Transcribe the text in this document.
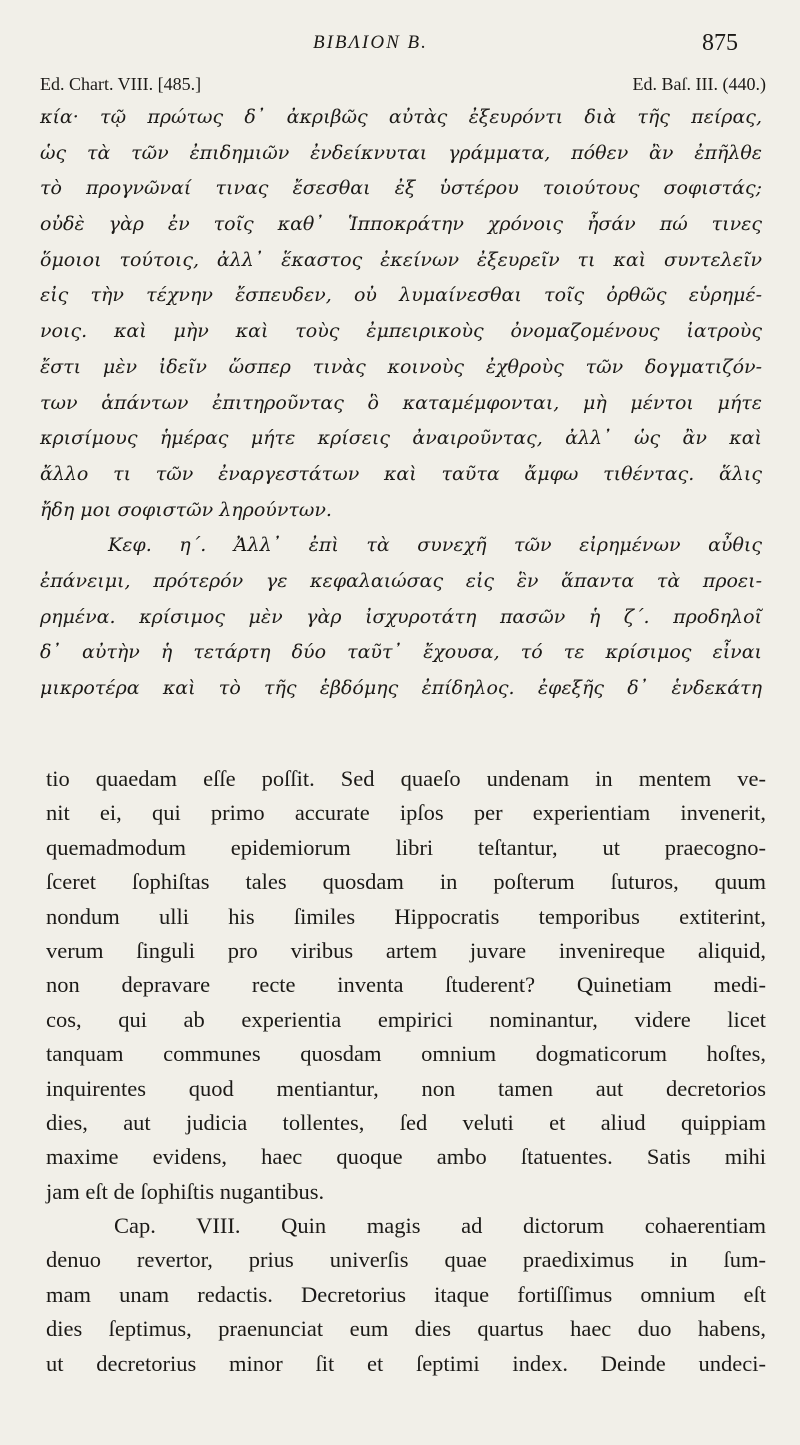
ΒΙΒΛΙΟΝ Β.	875
Ed. Chart. VIII. [485.]	Ed. Baſ. III. (440.)
κία· τῷ πρώτως δ᾽ ἀκριβῶς αὐτὰς ἐξευρόντι διὰ τῆς πείρας,
ὡς τὰ τῶν ἐπιδημιῶν ἐνδείκνυται γράμματα, πόθεν ἂν ἐπῆλθε
τὸ προγνῶναί τινας ἔσεσθαι ἐξ ὑστέρου τοιούτους σοφιστάς;
οὐδὲ γὰρ ἐν τοῖς καθ᾽ Ἱπποκράτην χρόνοις ἦσάν πώ τινες
ὅμοιοι τούτοις, ἀλλ᾽ ἕκαστος ἐκείνων ἐξευρεῖν τι καὶ συντελεῖν
εἰς τὴν τέχνην ἔσπευδεν, οὐ λυμαίνεσθαι τοῖς ὀρθῶς εὑρημέ-
νοις. καὶ μὴν καὶ τοὺς ἐμπειρικοὺς ὀνομαζομένους ἰατροὺς
ἔστι μὲν ἰδεῖν ὥσπερ τινὰς κοινοὺς ἐχθροὺς τῶν δογματιζόν-
των ἁπάντων ἐπιτηροῦντας ὃ καταμέμφονται, μὴ μέντοι μήτε
κρισίμους ἡμέρας μήτε κρίσεις ἀναιροῦντας, ἀλλ᾽ ὡς ἂν καὶ
ἄλλο τι τῶν ἐναργεστάτων καὶ ταῦτα ἄμφω τιθέντας. ἅλις
ἤδη μοι σοφιστῶν ληρούντων.
Κεφ. η΄. Ἀλλ᾽ ἐπὶ τὰ συνεχῆ τῶν εἰρημένων αὖθις
ἐπάνειμι, πρότερόν γε κεφαλαιώσας εἰς ἓν ἅπαντα τὰ προει-
ρημένα. κρίσιμος μὲν γὰρ ἰσχυροτάτη πασῶν ἡ ζ΄. προδηλοῖ
δ᾽ αὐτὴν ἡ τετάρτη δύο ταῦτ᾽ ἔχουσα, τό τε κρίσιμος εἶναι
μικροτέρα καὶ τὸ τῆς ἑβδόμης ἐπίδηλος. ἐφεξῆς δ᾽ ἑνδεκάτη
tio quaedam eſſe poſſit. Sed quaeſo undenam in mentem ve-
nit ei, qui primo accurate ipſos per experientiam invenerit,
quemadmodum epidemiorum libri teſtantur, ut praecogno-
ſceret ſophiſtas tales quosdam in poſterum ſuturos, quum
nondum ulli his ſimiles Hippocratis temporibus extiterint,
verum ſinguli pro viribus artem juvare invenireque aliquid,
non depravare recte inventa ſtuderent? Quinetiam medi-
cos, qui ab experientia empirici nominantur, videre licet
tanquam communes quosdam omnium dogmaticorum hoſtes,
inquirentes quod mentiantur, non tamen aut decretorios
dies, aut judicia tollentes, ſed veluti et aliud quippiam
maxime evidens, haec quoque ambo ſtatuentes. Satis mihi
jam eſt de ſophiſtis nugantibus.
Cap. VIII. Quin magis ad dictorum cohaerentiam
denuo revertor, prius univerſis quae praediximus in ſum-
mam unam redactis. Decretorius itaque fortiſſimus omnium eſt
dies ſeptimus, praenunciat eum dies quartus haec duo habens,
ut decretorius minor ſit et ſeptimi index. Deinde undeci-
